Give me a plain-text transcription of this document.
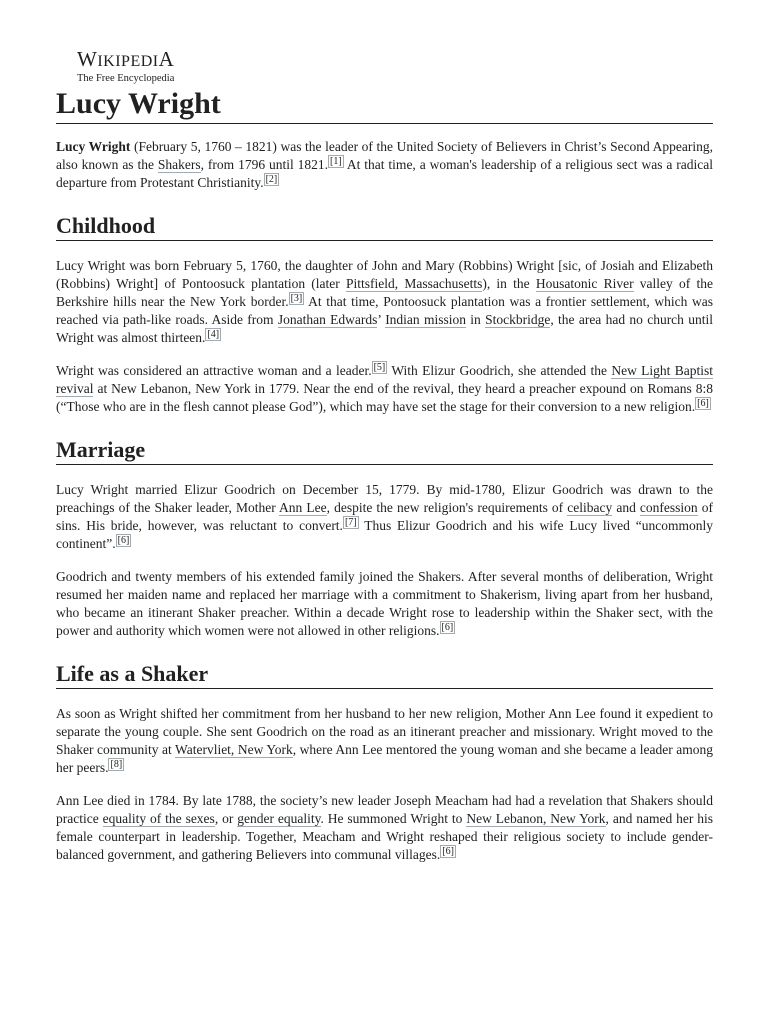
WIKIPEDIA
The Free Encyclopedia
Lucy Wright

Lucy Wright (February 5, 1760 – 1821) was the leader of the United Society of Believers in Christ’s Second Appearing, also known as the Shakers, from 1796 until 1821. [1] At that time, a woman's leadership of a religious sect was a radical departure from Protestant Christianity. [2]

Childhood

Lucy Wright was born February 5, 1760, the daughter of John and Mary (Robbins) Wright [sic, of Josiah and Elizabeth (Robbins) Wright] of Pontoosuck plantation (later Pittsfield, Massachusetts), in the Housatonic River valley of the Berkshire hills near the New York border. [3] At that time, Pontoosuck plantation was a frontier settlement, which was reached via path-like roads. Aside from Jonathan Edwards’ Indian mission in Stockbridge, the area had no church until Wright was almost thirteen. [4]

Wright was considered an attractive woman and a leader. [5] With Elizur Goodrich, she attended the New Light Baptist revival at New Lebanon, New York in 1779. Near the end of the revival, they heard a preacher expound on Romans 8:8 (“Those who are in the flesh cannot please God”), which may have set the stage for their conversion to a new religion. [6]

Marriage

Lucy Wright married Elizur Goodrich on December 15, 1779. By mid-1780, Elizur Goodrich was drawn to the preachings of the Shaker leader, Mother Ann Lee, despite the new religion's requirements of celibacy and confession of sins. His bride, however, was reluctant to convert. [7] Thus Elizur Goodrich and his wife Lucy lived “uncommonly continent”. [6]

Goodrich and twenty members of his extended family joined the Shakers. After several months of deliberation, Wright resumed her maiden name and replaced her marriage with a commitment to Shakerism, living apart from her husband, who became an itinerant Shaker preacher. Within a decade Wright rose to leadership within the Shaker sect, with the power and authority which women were not allowed in other religions. [6]

Life as a Shaker

As soon as Wright shifted her commitment from her husband to her new religion, Mother Ann Lee found it expedient to separate the young couple. She sent Goodrich on the road as an itinerant preacher and missionary. Wright moved to the Shaker community at Watervliet, New York, where Ann Lee mentored the young woman and she became a leader among her peers. [8]

Ann Lee died in 1784. By late 1788, the society’s new leader Joseph Meacham had had a revelation that Shakers should practice equality of the sexes, or gender equality. He summoned Wright to New Lebanon, New York, and named her his female counterpart in leadership. Together, Meacham and Wright reshaped their religious society to include gender-balanced government, and gathering Believers into communal villages. [6]
